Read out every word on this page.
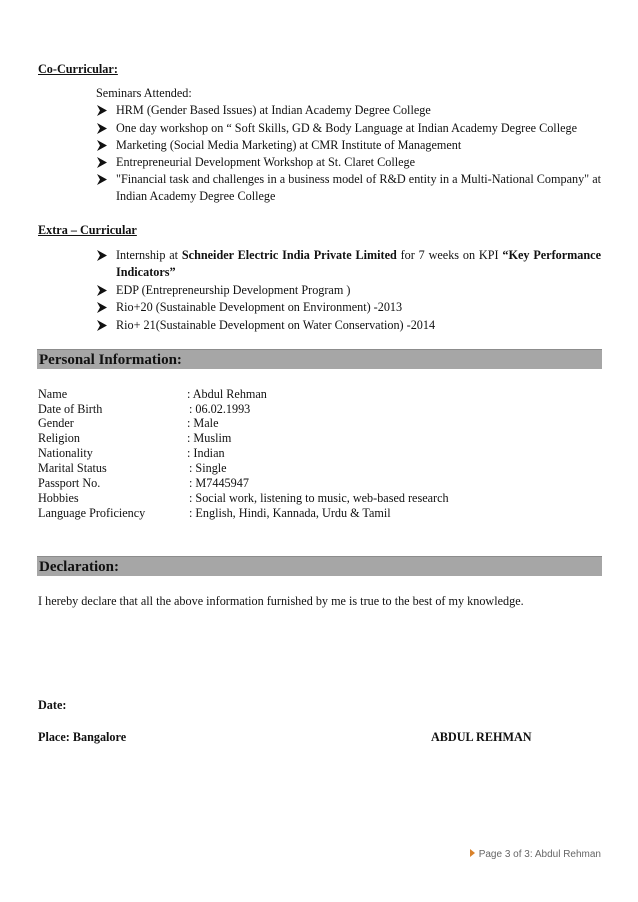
Co-Curricular:
Seminars Attended:
HRM (Gender Based Issues) at Indian Academy Degree College
One day workshop on “ Soft Skills, GD & Body Language at Indian Academy Degree College
Marketing (Social Media Marketing) at CMR Institute of Management
Entrepreneurial Development Workshop at St. Claret College
"Financial task and challenges in a business model of R&D entity in a Multi-National Company" at Indian Academy Degree College
Extra – Curricular
Internship at Schneider Electric India Private Limited for 7 weeks on KPI “Key Performance Indicators”
EDP (Entrepreneurship Development Program )
Rio+20 (Sustainable Development on Environment) -2013
Rio+ 21(Sustainable Development on Water Conservation) -2014
Personal Information:
Name	: Abdul Rehman
Date of Birth	: 06.02.1993
Gender	: Male
Religion	: Muslim
Nationality	: Indian
Marital Status	: Single
Passport No.	: M7445947
Hobbies	: Social work, listening to music, web-based research
Language Proficiency	: English, Hindi, Kannada, Urdu & Tamil
Declaration:
I hereby declare that all the above information furnished by me is true to the best of my knowledge.
Date:
Place: Bangalore	ABDUL REHMAN
Page 3 of 3: Abdul Rehman
